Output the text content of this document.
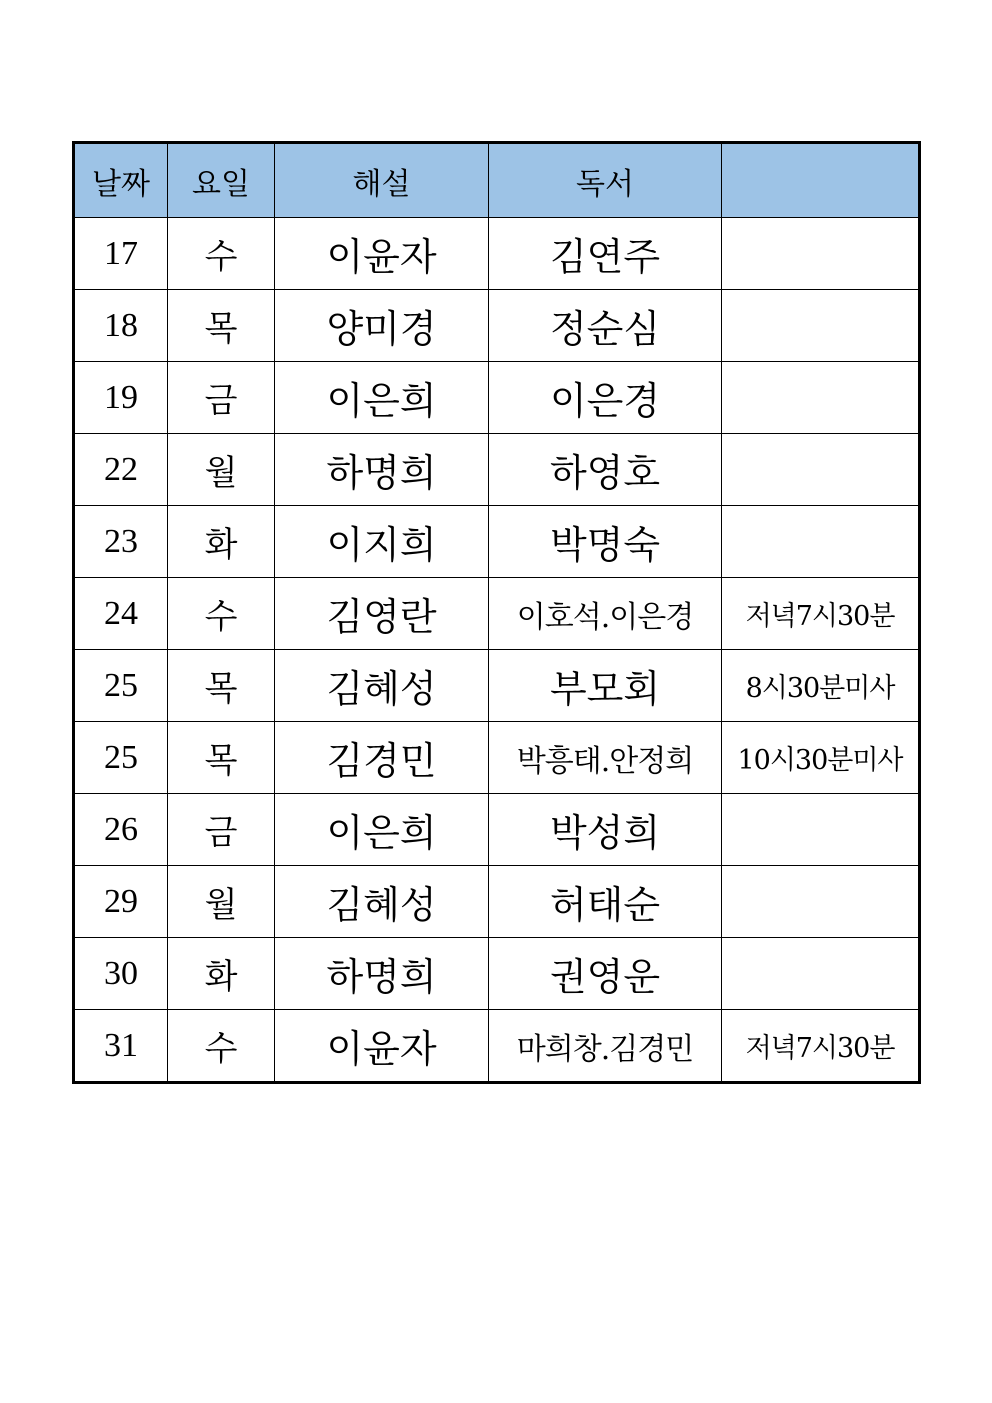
날짜	요일	해설	독서	
17	수	이윤자	김연주	
18	목	양미경	정순심	
19	금	이은희	이은경	
22	월	하명희	하영호	
23	화	이지희	박명숙	
24	수	김영란	이호석.이은경	저녁7시30분
25	목	김혜성	부모회	8시30분미사
25	목	김경민	박흥태.안정희	10시30분미사
26	금	이은희	박성희	
29	월	김혜성	허태순	
30	화	하명희	권영운	
31	수	이윤자	마희창.김경민	저녁7시30분
